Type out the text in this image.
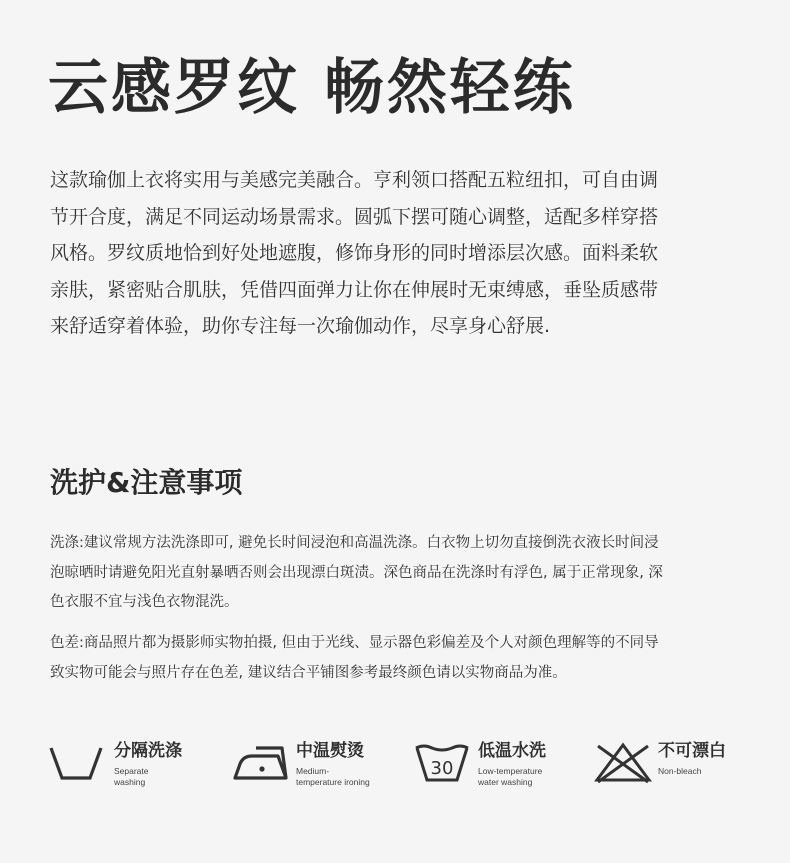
云感罗纹 畅然轻练

这款瑜伽上衣将实用与美感完美融合。亨利领口搭配五粒纽扣，可自由调
节开合度，满足不同运动场景需求。圆弧下摆可随心调整，适配多样穿搭
风格。罗纹质地恰到好处地遮腹，修饰身形的同时增添层次感。面料柔软
亲肤，紧密贴合肌肤，凭借四面弹力让你在伸展时无束缚感，垂坠质感带
来舒适穿着体验，助你专注每一次瑜伽动作，尽享身心舒展.

洗护&注意事项

洗涤:建议常规方法洗涤即可, 避免长时间浸泡和高温洗涤。白衣物上切勿直接倒洗衣液长时间浸
泡晾晒时请避免阳光直射暴晒否则会出现漂白斑渍。深色商品在洗涤时有浮色, 属于正常现象, 深
色衣服不宜与浅色衣物混洗。

色差:商品照片都为摄影师实物拍摄, 但由于光线、显示器色彩偏差及个人对颜色理解等的不同导
致实物可能会与照片存在色差, 建议结合平铺图参考最终颜色请以实物商品为准。

分隔洗涤
Separate
washing
中温熨烫
Medium-
temperature ironing
30
低温水洗
Low-temperature
water washing
不可漂白
Non-bleach
